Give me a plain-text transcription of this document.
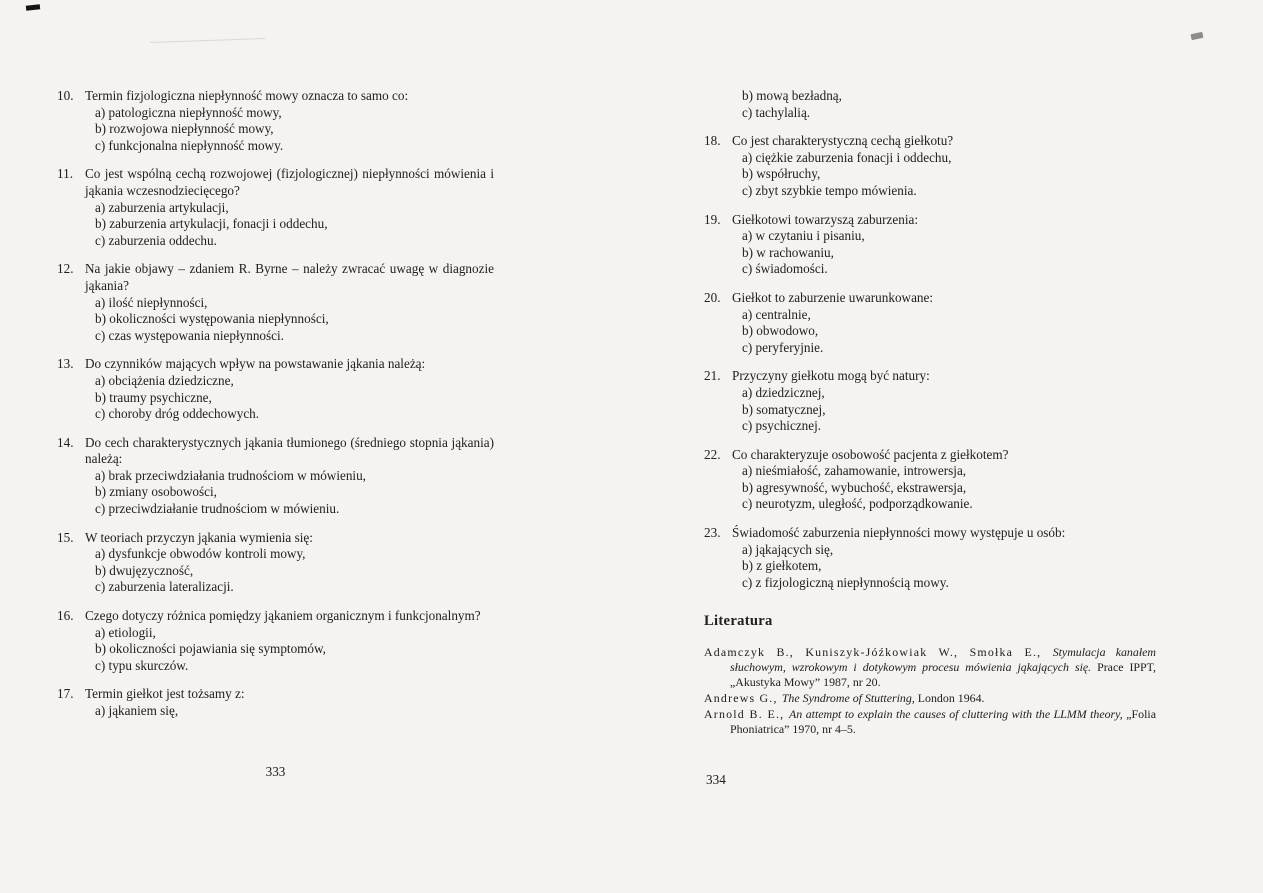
10. Termin fizjologiczna niepłynność mowy oznacza to samo co:
a) patologiczna niepłynność mowy,
b) rozwojowa niepłynność mowy,
c) funkcjonalna niepłynność mowy.
11. Co jest wspólną cechą rozwojowej (fizjologicznej) niepłynności mówienia i jąkania wczesnodziecięcego?
a) zaburzenia artykulacji,
b) zaburzenia artykulacji, fonacji i oddechu,
c) zaburzenia oddechu.
12. Na jakie objawy – zdaniem R. Byrne – należy zwracać uwagę w diagnozie jąkania?
a) ilość niepłynności,
b) okoliczności występowania niepłynności,
c) czas występowania niepłynności.
13. Do czynników mających wpływ na powstawanie jąkania należą:
a) obciążenia dziedziczne,
b) traumy psychiczne,
c) choroby dróg oddechowych.
14. Do cech charakterystycznych jąkania tłumionego (średniego stopnia jąkania) należą:
a) brak przeciwdziałania trudnościom w mówieniu,
b) zmiany osobowości,
c) przeciwdziałanie trudnościom w mówieniu.
15. W teoriach przyczyn jąkania wymienia się:
a) dysfunkcje obwodów kontroli mowy,
b) dwujęzyczność,
c) zaburzenia lateralizacji.
16. Czego dotyczy różnica pomiędzy jąkaniem organicznym i funkcjonalnym?
a) etiologii,
b) okoliczności pojawiania się symptomów,
c) typu skurczów.
17. Termin giełkot jest tożsamy z:
a) jąkaniem się,
333
b) mową bezładną,
c) tachylalią.
18. Co jest charakterystyczną cechą giełkotu?
a) ciężkie zaburzenia fonacji i oddechu,
b) współruchy,
c) zbyt szybkie tempo mówienia.
19. Giełkotowi towarzyszą zaburzenia:
a) w czytaniu i pisaniu,
b) w rachowaniu,
c) świadomości.
20. Giełkot to zaburzenie uwarunkowane:
a) centralnie,
b) obwodowo,
c) peryferyjnie.
21. Przyczyny giełkotu mogą być natury:
a) dziedzicznej,
b) somatycznej,
c) psychicznej.
22. Co charakteryzuje osobowość pacjenta z giełkotem?
a) nieśmiałość, zahamowanie, introwersja,
b) agresywność, wybuchość, ekstrawersja,
c) neurotyzm, uległość, podporządkowanie.
23. Świadomość zaburzenia niepłynności mowy występuje u osób:
a) jąkających się,
b) z giełkotem,
c) z fizjologiczną niepłynnością mowy.
Literatura
Adamczyk B., Kuniszyk-Jóźkowiak W., Smołka E., Stymulacja kanałem słuchowym, wzrokowym i dotykowym procesu mówienia jąkających się. Prace IPPT, „Akustyka Mowy” 1987, nr 20.
Andrews G., The Syndrome of Stuttering, London 1964.
Arnold B. E., An attempt to explain the causes of cluttering with the LLMM theory, „Folia Phoniatrica” 1970, nr 4–5.
334
